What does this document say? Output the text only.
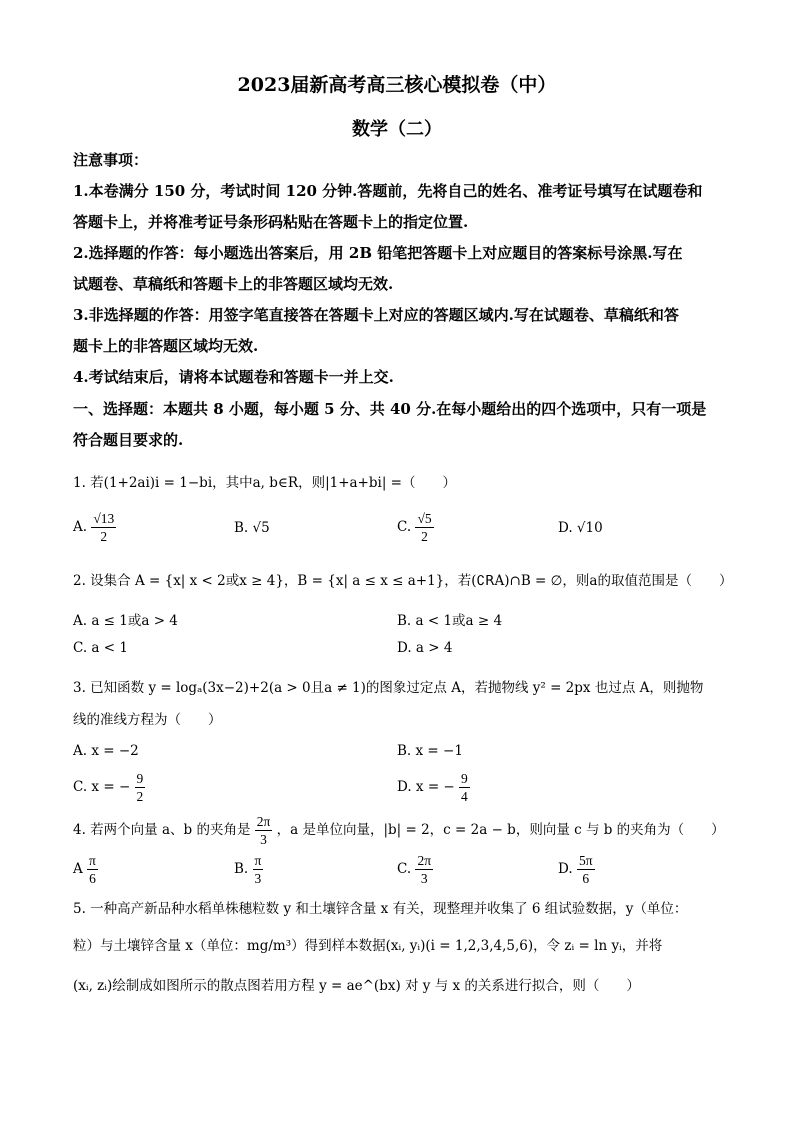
2023届新高考高三核心模拟卷（中）
数学（二）
注意事项：
1.本卷满分 150 分，考试时间 120 分钟.答题前，先将自己的姓名、准考证号填写在试题卷和
答题卡上，并将准考证号条形码粘贴在答题卡上的指定位置.
2.选择题的作答：每小题选出答案后，用 2B 铅笔把答题卡上对应题目的答案标号涂黑.写在
试题卷、草稿纸和答题卡上的非答题区域均无效.
3.非选择题的作答：用签字笔直接答在答题卡上对应的答题区域内.写在试题卷、草稿纸和答
题卡上的非答题区域均无效.
4.考试结束后，请将本试题卷和答题卡一并上交.
一、选择题：本题共 8 小题，每小题 5 分、共 40 分.在每小题给出的四个选项中，只有一项是
符合题目要求的.
1. 若(1+2ai)i = 1−bi，其中a, b∈R，则|1+a+bi| =（　　）
A. $\frac{√13}{2}$	B. √5	C. $\frac{√5}{2}$	D. √10
2. 设集合 A = {x| x < 2或x ≥ 4}，B = {x| a ≤ x ≤ a+1}，若(∁ꓣA)∩B = ∅，则a的取值范围是（　　）
A. a ≤ 1或a > 4	B. a < 1或a ≥ 4
C. a < 1	D. a > 4
3. 已知函数 y = logₐ(3x−2)+2(a > 0且a ≠ 1)的图象过定点 A，若抛物线 y² = 2px 也过点 A，则抛物
线的准线方程为（　　）
A. x = −2	B. x = −1
C. x = − $\frac{9}{2}$	D. x = − $\frac{9}{4}$
4. 若两个向量 a、b 的夹角是 $\frac{2\pi}{3}$ ，a 是单位向量，|b| = 2，c = 2a − b，则向量 c 与 b 的夹角为（　　）
A $\frac{\pi}{6}$	B. $\frac{\pi}{3}$	C. $\frac{2\pi}{3}$	D. $\frac{5\pi}{6}$
5. 一种高产新品种水稻单株穗粒数 y 和土壤锌含量 x 有关，现整理并收集了 6 组试验数据，y（单位：
粒）与土壤锌含量 x（单位：mg/m³）得到样本数据(xᵢ, yᵢ)(i = 1,2,3,4,5,6)，令 zᵢ = ln yᵢ，并将
(xᵢ, zᵢ)绘制成如图所示的散点图若用方程 y = ae^(bx) 对 y 与 x 的关系进行拟合，则（　　）
